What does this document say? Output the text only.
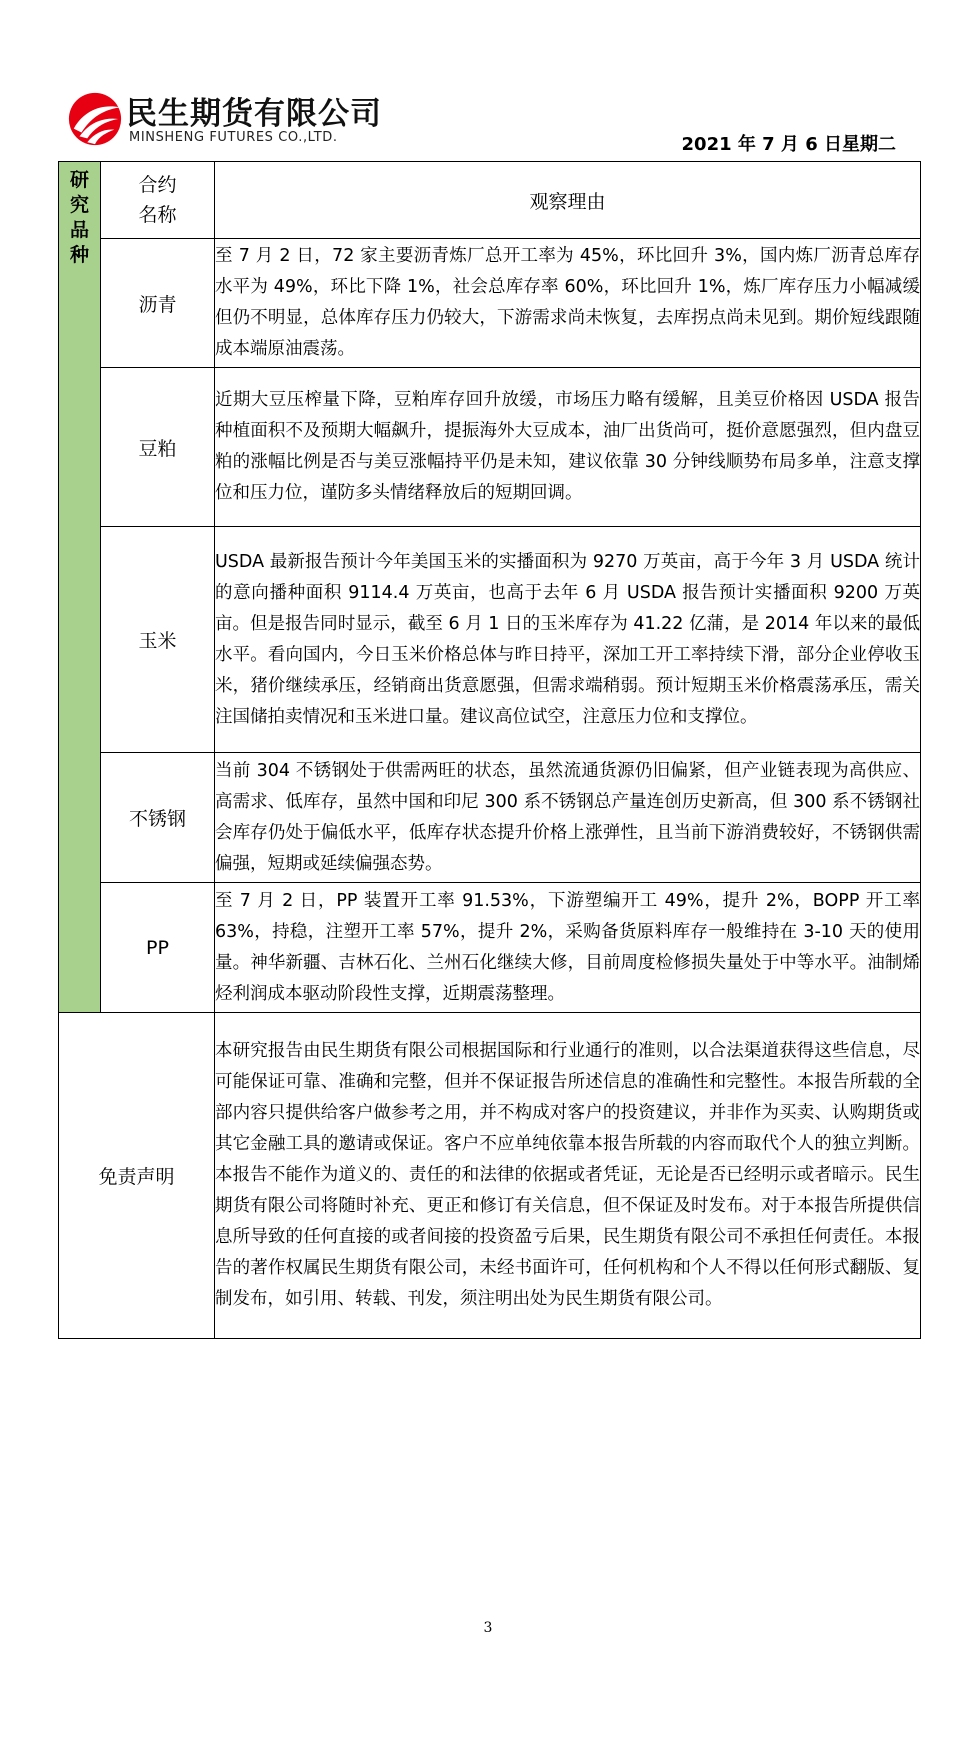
民生期货有限公司
MINSHENG FUTURES CO.,LTD.	2021 年 7 月 6 日星期二
研究品种	合约名称	观察理由
	沥青	至 7 月 2 日，72 家主要沥青炼厂总开工率为 45%，环比回升 3%，国内炼厂沥青总库存水平为 49%，环比下降 1%，社会总库存率 60%，环比回升 1%，炼厂库存压力小幅减缓但仍不明显，总体库存压力仍较大，下游需求尚未恢复，去库拐点尚未见到。期价短线跟随成本端原油震荡。
	豆粕	近期大豆压榨量下降，豆粕库存回升放缓，市场压力略有缓解，且美豆价格因 USDA 报告种植面积不及预期大幅飙升，提振海外大豆成本，油厂出货尚可，挺价意愿强烈，但内盘豆粕的涨幅比例是否与美豆涨幅持平仍是未知，建议依靠 30 分钟线顺势布局多单，注意支撑位和压力位，谨防多头情绪释放后的短期回调。
	玉米	USDA 最新报告预计今年美国玉米的实播面积为 9270 万英亩，高于今年 3 月 USDA 统计的意向播种面积 9114.4 万英亩，也高于去年 6 月 USDA 报告预计实播面积 9200 万英亩。但是报告同时显示，截至 6 月 1 日的玉米库存为 41.22 亿蒲，是 2014 年以来的最低水平。看向国内，今日玉米价格总体与昨日持平，深加工开工率持续下滑，部分企业停收玉米，猪价继续承压，经销商出货意愿强，但需求端稍弱。预计短期玉米价格震荡承压，需关注国储拍卖情况和玉米进口量。建议高位试空，注意压力位和支撑位。
	不锈钢	当前 304 不锈钢处于供需两旺的状态，虽然流通货源仍旧偏紧，但产业链表现为高供应、高需求、低库存，虽然中国和印尼 300 系不锈钢总产量连创历史新高，但 300 系不锈钢社会库存仍处于偏低水平，低库存状态提升价格上涨弹性，且当前下游消费较好，不锈钢供需偏强，短期或延续偏强态势。
	PP	至 7 月 2 日，PP 装置开工率 91.53%，下游塑编开工 49%，提升 2%，BOPP 开工率 63%，持稳，注塑开工率 57%，提升 2%，采购备货原料库存一般维持在 3-10 天的使用量。神华新疆、吉林石化、兰州石化继续大修，目前周度检修损失量处于中等水平。油制烯烃利润成本驱动阶段性支撑，近期震荡整理。
免责声明		本研究报告由民生期货有限公司根据国际和行业通行的准则，以合法渠道获得这些信息，尽可能保证可靠、准确和完整，但并不保证报告所述信息的准确性和完整性。本报告所载的全部内容只提供给客户做参考之用，并不构成对客户的投资建议，并非作为买卖、认购期货或其它金融工具的邀请或保证。客户不应单纯依靠本报告所载的内容而取代个人的独立判断。本报告不能作为道义的、责任的和法律的依据或者凭证，无论是否已经明示或者暗示。民生期货有限公司将随时补充、更正和修订有关信息，但不保证及时发布。对于本报告所提供信息所导致的任何直接的或者间接的投资盈亏后果，民生期货有限公司不承担任何责任。本报告的著作权属民生期货有限公司，未经书面许可，任何机构和个人不得以任何形式翻版、复制发布，如引用、转载、刊发，须注明出处为民生期货有限公司。
3
